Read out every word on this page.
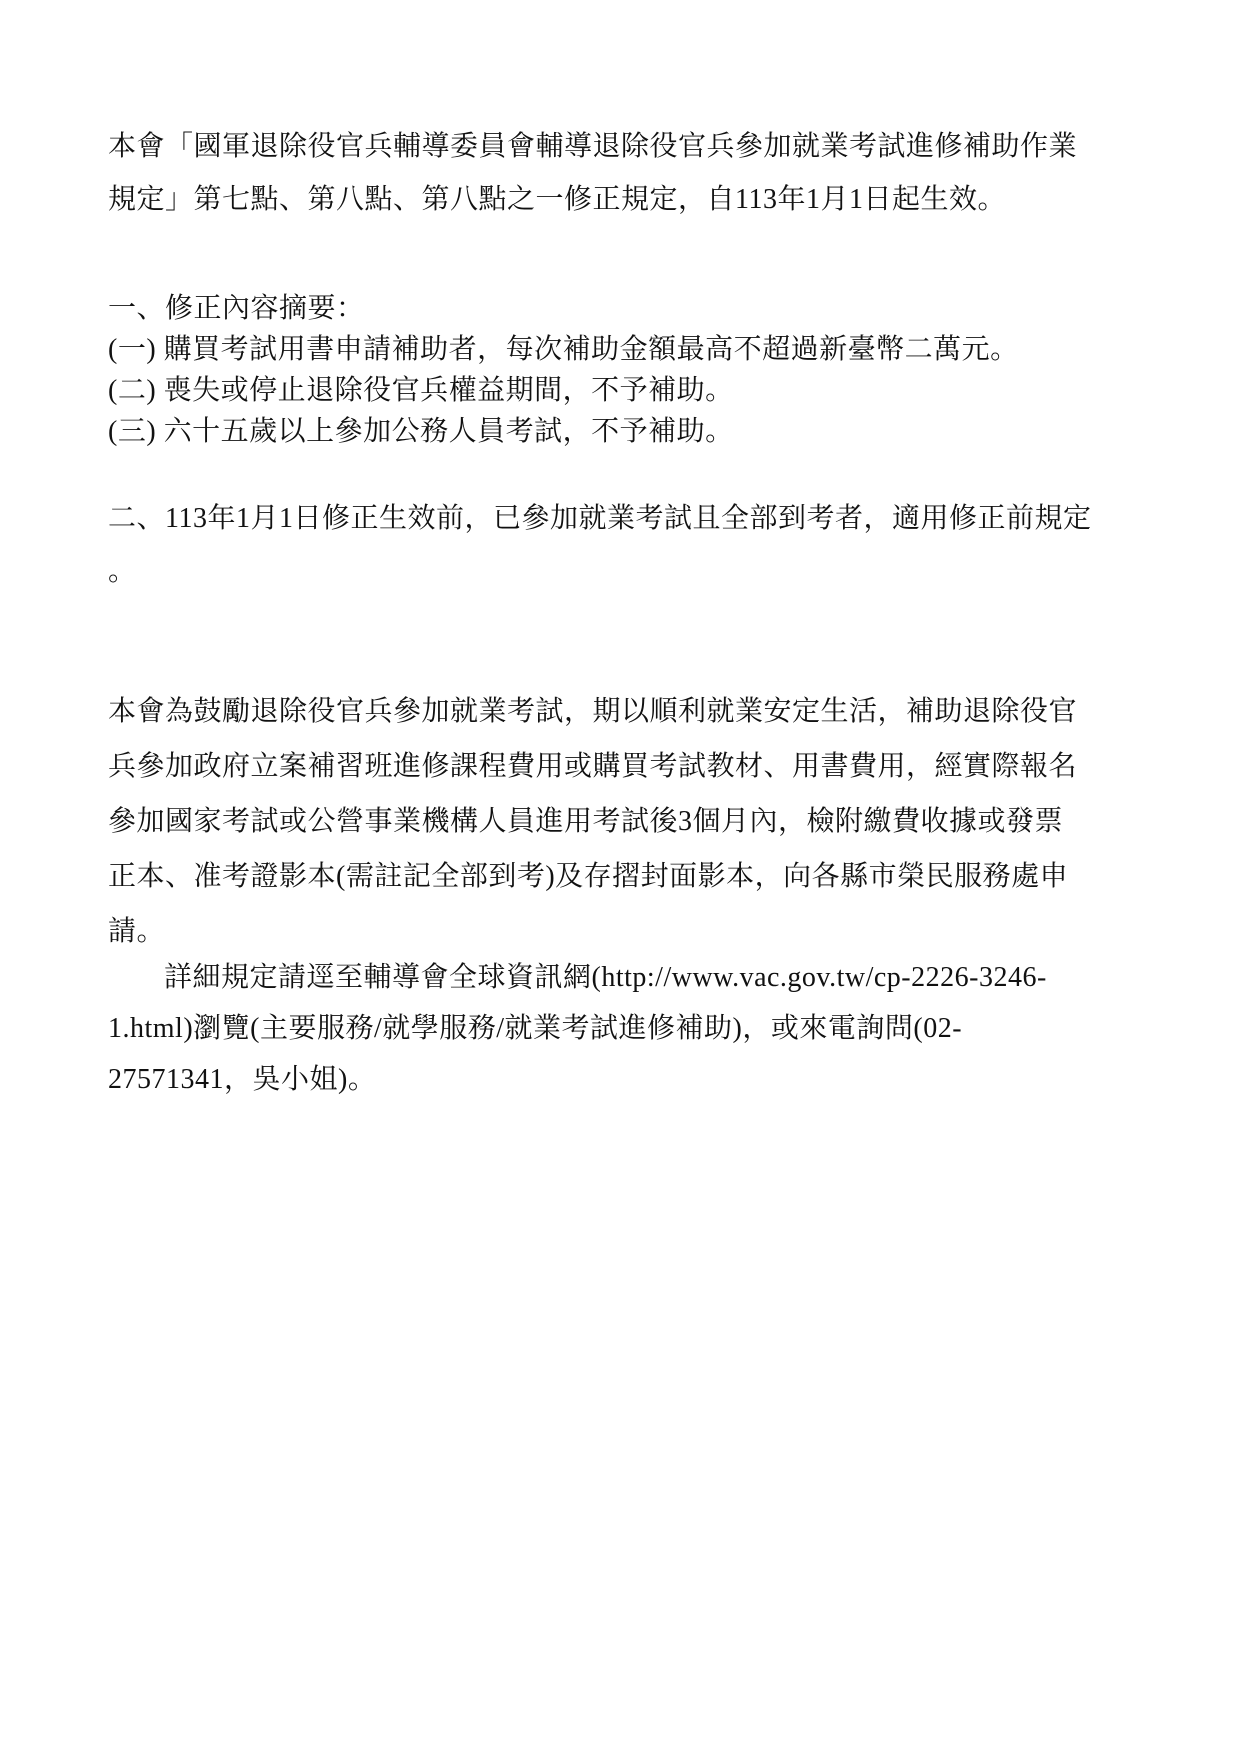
本會「國軍退除役官兵輔導委員會輔導退除役官兵參加就業考試進修補助作業
規定」第七點、第八點、第八點之一修正規定，自113年1月1日起生效。
一、修正內容摘要：
(一) 購買考試用書申請補助者，每次補助金額最高不超過新臺幣二萬元。
(二) 喪失或停止退除役官兵權益期間，不予補助。
(三) 六十五歲以上參加公務人員考試，不予補助。
二、113年1月1日修正生效前，已參加就業考試且全部到考者，適用修正前規定
。
本會為鼓勵退除役官兵參加就業考試，期以順利就業安定生活，補助退除役官
兵參加政府立案補習班進修課程費用或購買考試教材、用書費用，經實際報名
參加國家考試或公營事業機構人員進用考試後3個月內，檢附繳費收據或發票
正本、准考證影本(需註記全部到考)及存摺封面影本，向各縣市榮民服務處申
請。
詳細規定請逕至輔導會全球資訊網(http://www.vac.gov.tw/cp-2226-3246-
1.html)瀏覽(主要服務/就學服務/就業考試進修補助)，或來電詢問(02-
27571341，吳小姐)。
